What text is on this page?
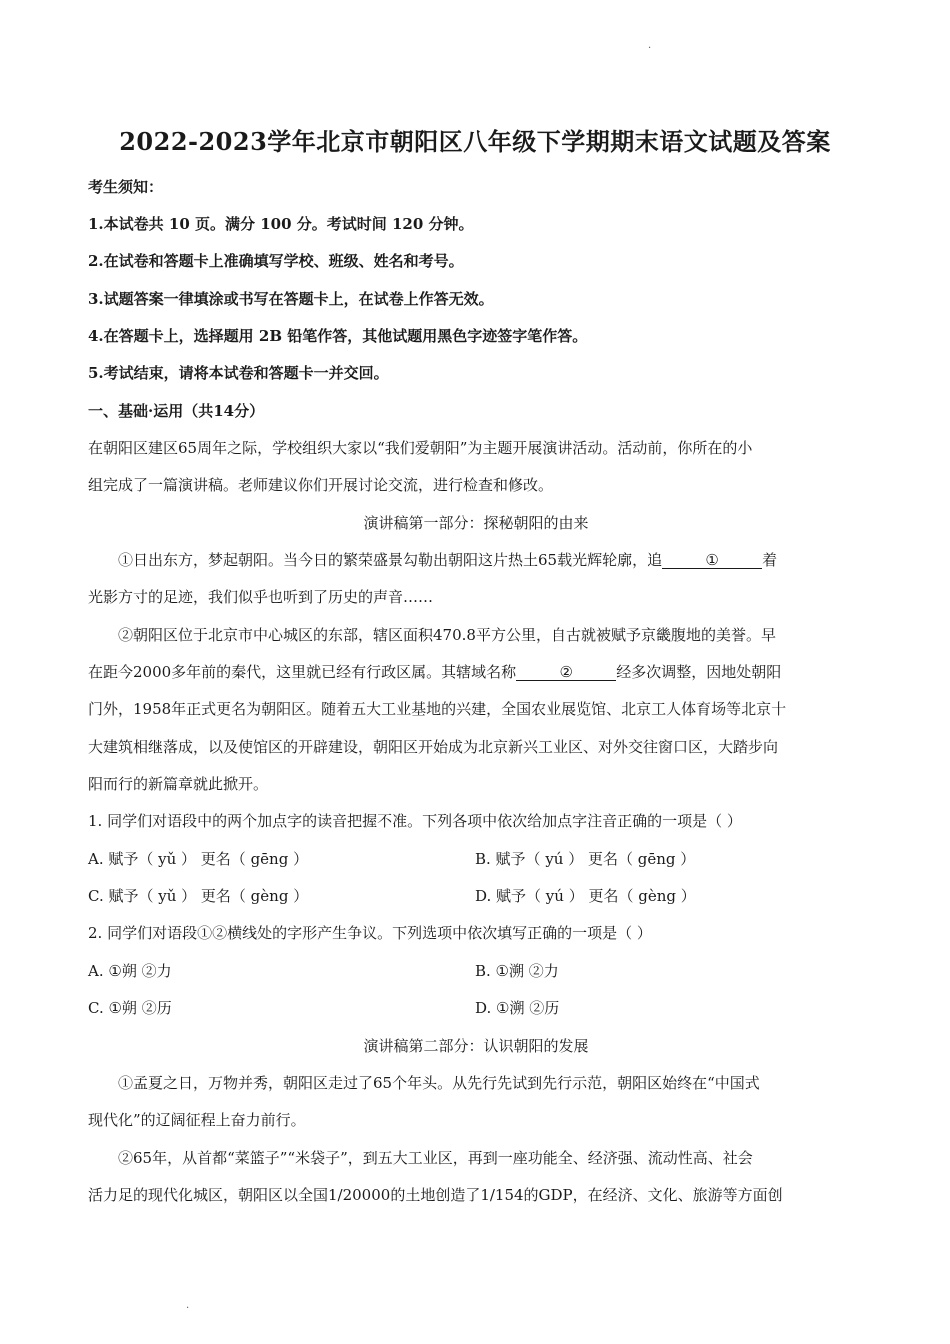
.
2022-2023学年北京市朝阳区八年级下学期期末语文试题及答案
考生须知：
1.本试卷共 10 页。满分 100 分。考试时间 120 分钟。
2.在试卷和答题卡上准确填写学校、班级、姓名和考号。
3.试题答案一律填涂或书写在答题卡上，在试卷上作答无效。
4.在答题卡上，选择题用 2B 铅笔作答，其他试题用黑色字迹签字笔作答。
5.考试结束，请将本试卷和答题卡一并交回。
一、基础·运用（共14分）
在朝阳区建区65周年之际，学校组织大家以“我们爱朝阳”为主题开展演讲活动。活动前，你所在的小
组完成了一篇演讲稿。老师建议你们开展讨论交流，进行检查和修改。
演讲稿第一部分：探秘朝阳的由来
①日出东方，梦起朝阳。当今日的繁荣盛景勾勒出朝阳这片热土65载光辉轮廓，追	①	着
光影方寸的足迹，我们似乎也听到了历史的声音……
②朝阳区位于北京市中心城区的东部，辖区面积470.8平方公里，自古就被赋予京畿腹地的美誉。早
在距今2000多年前的秦代，这里就已经有行政区属。其辖域名称	②	经多次调整，因地处朝阳
门外，1958年正式更名为朝阳区。随着五大工业基地的兴建，全国农业展览馆、北京工人体育场等北京十
大建筑相继落成，以及使馆区的开辟建设，朝阳区开始成为北京新兴工业区、对外交往窗口区，大踏步向
阳而行的新篇章就此掀开。
1. 同学们对语段中的两个加点字的读音把握不准。下列各项中依次给加点字注音正确的一项是（ ）
A. 赋予（ yǔ ） 更名（ gēng ）	B. 赋予（ yú ） 更名（ gēng ）
C. 赋予（ yǔ ） 更名（ gèng ）	D. 赋予（ yú ） 更名（ gèng ）
2. 同学们对语段①②横线处的字形产生争议。下列选项中依次填写正确的一项是（ ）
A. ①朔 ②力	B. ①溯 ②力
C. ①朔 ②历	D. ①溯 ②历
演讲稿第二部分：认识朝阳的发展
①孟夏之日，万物并秀，朝阳区走过了65个年头。从先行先试到先行示范，朝阳区始终在“中国式
现代化”的辽阔征程上奋力前行。
②65年，从首都“菜篮子”“米袋子”，到五大工业区，再到一座功能全、经济强、流动性高、社会
活力足的现代化城区，朝阳区以全国1/20000的土地创造了1/154的GDP，在经济、文化、旅游等方面创
.
